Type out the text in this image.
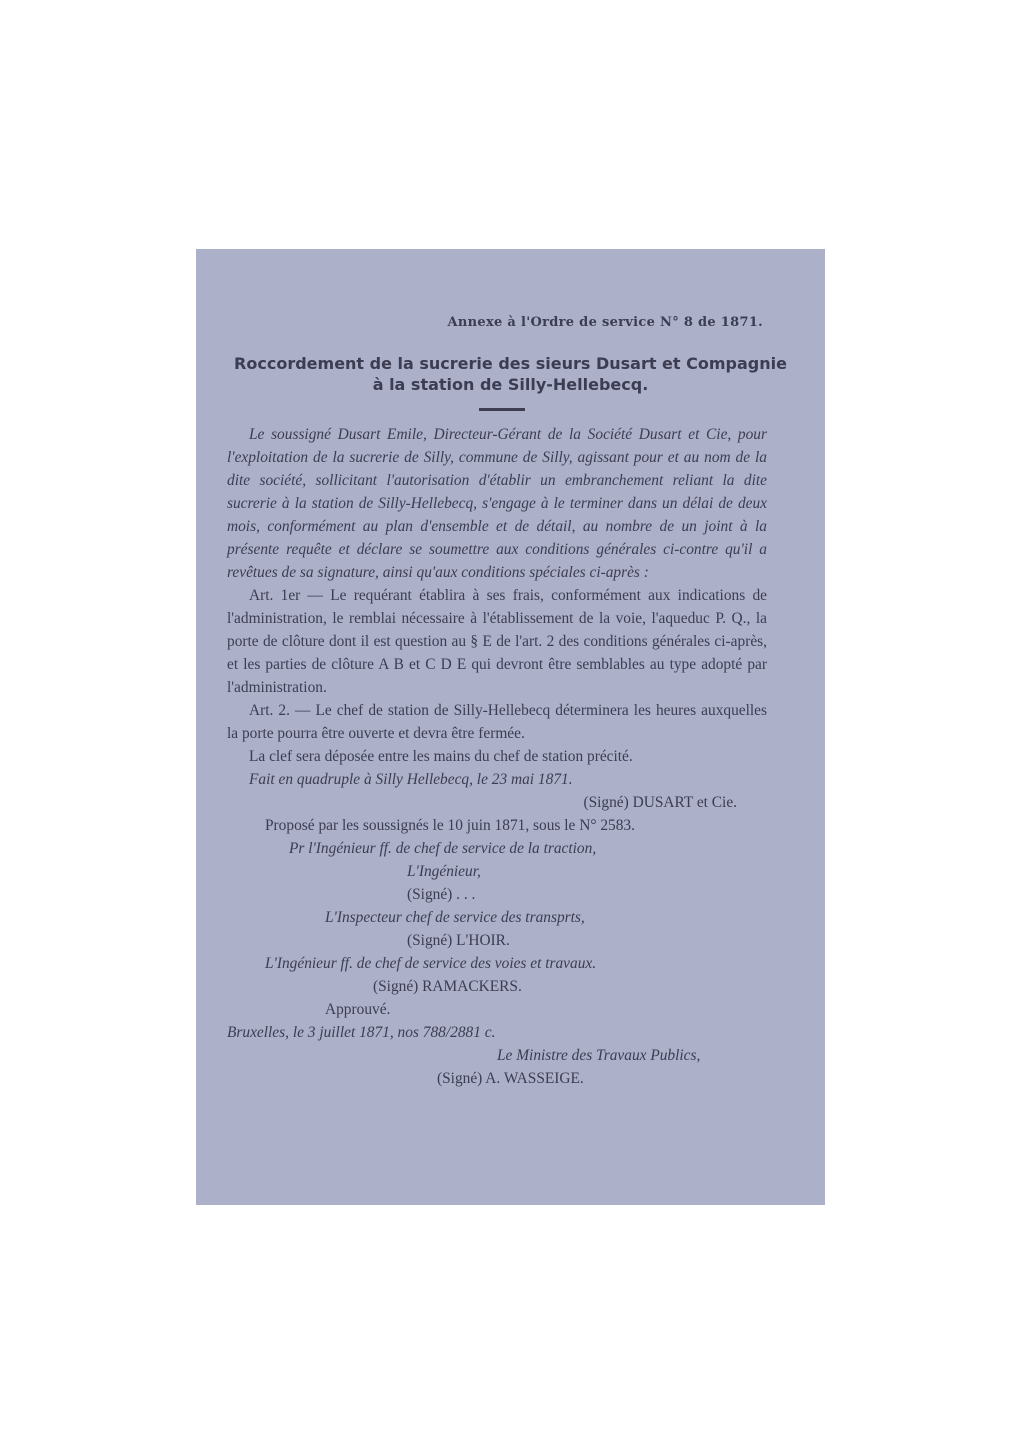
Annexe à l'Ordre de service N° 8 de 1871.
Roccordement de la sucrerie des sieurs Dusart et Compagnie
à la station de Silly-Hellebecq.

Le soussigné Dusart Emile, Directeur-Gérant de la Société Dusart et Cie, pour l'exploitation de la sucrerie de Silly, commune de Silly, agissant pour et au nom de la dite société, sollicitant l'autorisation d'établir un embranchement reliant la dite sucrerie à la station de Silly-Hellebecq, s'engage à le terminer dans un délai de deux mois, conformément au plan d'ensemble et de détail, au nombre de un joint à la présente requête et déclare se soumettre aux conditions générales ci-contre qu'il a revêtues de sa signature, ainsi qu'aux conditions spéciales ci-après :

Art. 1er — Le requérant établira à ses frais, conformément aux indications de l'administration, le remblai nécessaire à l'établissement de la voie, l'aqueduc P. Q., la porte de clôture dont il est question au § E de l'art. 2 des conditions générales ci-après, et les parties de clôture A B et C D E qui devront être semblables au type adopté par l'administration.

Art. 2. — Le chef de station de Silly-Hellebecq déterminera les heures auxquelles la porte pourra être ouverte et devra être fermée.

La clef sera déposée entre les mains du chef de station précité.

Fait en quadruple à Silly Hellebecq, le 23 mai 1871.

(Signé) DUSART et Cie.

Proposé par les soussignés le 10 juin 1871, sous le N° 2583.

Pr l'Ingénieur ff. de chef de service de la traction,

L'Ingénieur,

(Signé) . . .

L'Inspecteur chef de service des transprts,

(Signé) L'HOIR.

L'Ingénieur ff. de chef de service des voies et travaux.

(Signé) RAMACKERS.

Approuvé.

Bruxelles, le 3 juillet 1871, nos 788/2881 c.

Le Ministre des Travaux Publics,

(Signé) A. WASSEIGE.
